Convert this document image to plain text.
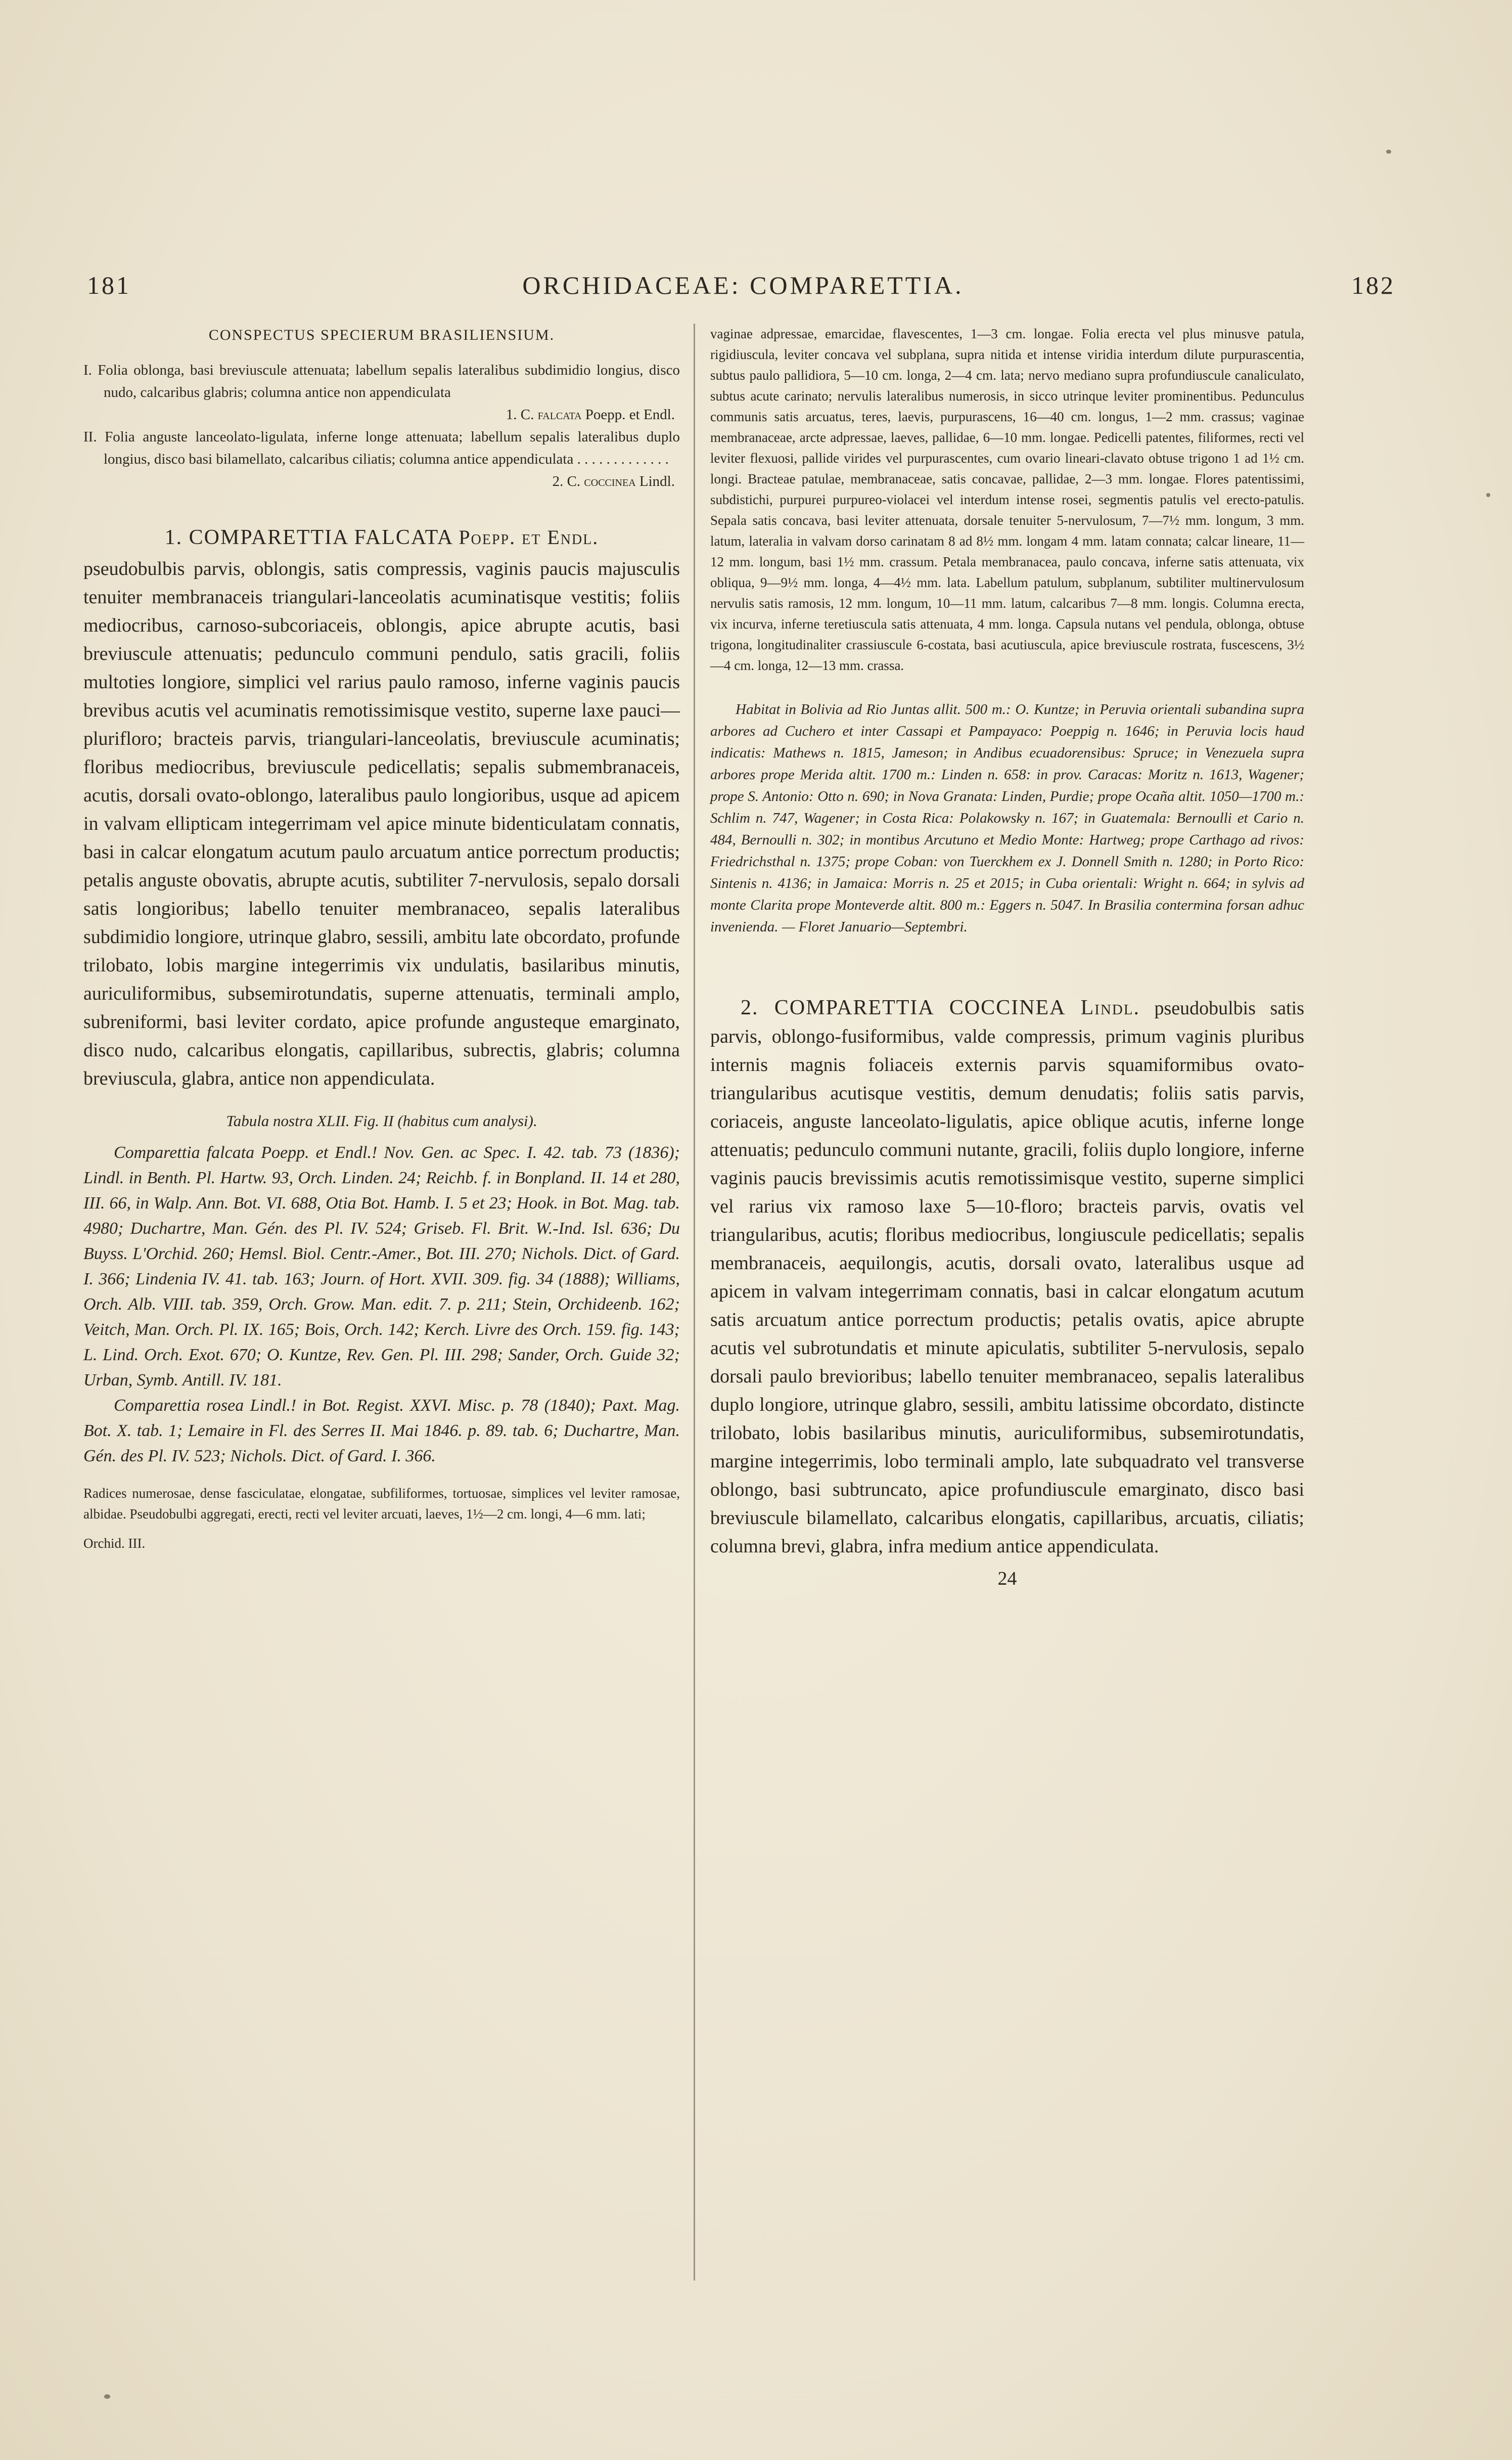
181	ORCHIDACEAE: COMPARETTIA.	182
CONSPECTUS SPECIERUM BRASILIENSIUM.

I. Folia oblonga, basi breviuscule attenuata; labellum sepalis lateralibus subdimidio longius, disco nudo, calcaribus glabris; columna antice non appendiculata

1. C. falcata Poepp. et Endl.

II. Folia anguste lanceolato-ligulata, inferne longe attenuata; labellum sepalis lateralibus duplo longius, disco basi bilamellato, calcaribus ciliatis; columna antice appendiculata . . . . . . . . . . . . .

2. C. coccinea Lindl.

1. COMPARETTIA FALCATA Poepp. et Endl.

pseudobulbis parvis, oblongis, satis compressis, vaginis paucis majusculis tenuiter membranaceis triangulari-lanceolatis acuminatisque vestitis; foliis mediocribus, carnoso-subcoriaceis, oblongis, apice abrupte acutis, basi breviuscule attenuatis; pedunculo communi pendulo, satis gracili, foliis multoties longiore, simplici vel rarius paulo ramoso, inferne vaginis paucis brevibus acutis vel acuminatis remotissimisque vestito, superne laxe pauci—plurifloro; bracteis parvis, triangulari-lanceolatis, breviuscule acuminatis; floribus mediocribus, breviuscule pedicellatis; sepalis submembranaceis, acutis, dorsali ovato-oblongo, lateralibus paulo longioribus, usque ad apicem in valvam ellipticam integerrimam vel apice minute bidenticulatam connatis, basi in calcar elongatum acutum paulo arcuatum antice porrectum productis; petalis anguste obovatis, abrupte acutis, subtiliter 7-nervulosis, sepalo dorsali satis longioribus; labello tenuiter membranaceo, sepalis lateralibus subdimidio longiore, utrinque glabro, sessili, ambitu late obcordato, profunde trilobato, lobis margine integerrimis vix undulatis, basilaribus minutis, auriculiformibus, subsemirotundatis, superne attenuatis, terminali amplo, subreniformi, basi leviter cordato, apice profunde angusteque emarginato, disco nudo, calcaribus elongatis, capillaribus, subrectis, glabris; columna breviuscula, glabra, antice non appendiculata.

Tabula nostra XLII. Fig. II (habitus cum analysi).

Comparettia falcata Poepp. et Endl.! Nov. Gen. ac Spec. I. 42. tab. 73 (1836); Lindl. in Benth. Pl. Hartw. 93, Orch. Linden. 24; Reichb. f. in Bonpland. II. 14 et 280, III. 66, in Walp. Ann. Bot. VI. 688, Otia Bot. Hamb. I. 5 et 23; Hook. in Bot. Mag. tab. 4980; Duchartre, Man. Gén. des Pl. IV. 524; Griseb. Fl. Brit. W.-Ind. Isl. 636; Du Buyss. L'Orchid. 260; Hemsl. Biol. Centr.-Amer., Bot. III. 270; Nichols. Dict. of Gard. I. 366; Lindenia IV. 41. tab. 163; Journ. of Hort. XVII. 309. fig. 34 (1888); Williams, Orch. Alb. VIII. tab. 359, Orch. Grow. Man. edit. 7. p. 211; Stein, Orchideenb. 162; Veitch, Man. Orch. Pl. IX. 165; Bois, Orch. 142; Kerch. Livre des Orch. 159. fig. 143; L. Lind. Orch. Exot. 670; O. Kuntze, Rev. Gen. Pl. III. 298; Sander, Orch. Guide 32; Urban, Symb. Antill. IV. 181.

Comparettia rosea Lindl.! in Bot. Regist. XXVI. Misc. p. 78 (1840); Paxt. Mag. Bot. X. tab. 1; Lemaire in Fl. des Serres II. Mai 1846. p. 89. tab. 6; Duchartre, Man. Gén. des Pl. IV. 523; Nichols. Dict. of Gard. I. 366.

Radices numerosae, dense fasciculatae, elongatae, subfiliformes, tortuosae, simplices vel leviter ramosae, albidae. Pseudobulbi aggregati, erecti, recti vel leviter arcuati, laeves, 1½—2 cm. longi, 4—6 mm. lati;

Orchid. III.

vaginae adpressae, emarcidae, flavescentes, 1—3 cm. longae. Folia erecta vel plus minusve patula, rigidiuscula, leviter concava vel subplana, supra nitida et intense viridia interdum dilute purpurascentia, subtus paulo pallidiora, 5—10 cm. longa, 2—4 cm. lata; nervo mediano supra profundiuscule canaliculato, subtus acute carinato; nervulis lateralibus numerosis, in sicco utrinque leviter prominentibus. Pedunculus communis satis arcuatus, teres, laevis, purpurascens, 16—40 cm. longus, 1—2 mm. crassus; vaginae membranaceae, arcte adpressae, laeves, pallidae, 6—10 mm. longae. Pedicelli patentes, filiformes, recti vel leviter flexuosi, pallide virides vel purpurascentes, cum ovario lineari-clavato obtuse trigono 1 ad 1½ cm. longi. Bracteae patulae, membranaceae, satis concavae, pallidae, 2—3 mm. longae. Flores patentissimi, subdistichi, purpurei purpureo-violacei vel interdum intense rosei, segmentis patulis vel erecto-patulis. Sepala satis concava, basi leviter attenuata, dorsale tenuiter 5-nervulosum, 7—7½ mm. longum, 3 mm. latum, lateralia in valvam dorso carinatam 8 ad 8½ mm. longam 4 mm. latam connata; calcar lineare, 11—12 mm. longum, basi 1½ mm. crassum. Petala membranacea, paulo concava, inferne satis attenuata, vix obliqua, 9—9½ mm. longa, 4—4½ mm. lata. Labellum patulum, subplanum, subtiliter multinervulosum nervulis satis ramosis, 12 mm. longum, 10—11 mm. latum, calcaribus 7—8 mm. longis. Columna erecta, vix incurva, inferne teretiuscula satis attenuata, 4 mm. longa. Capsula nutans vel pendula, oblonga, obtuse trigona, longitudinaliter crassiuscule 6-costata, basi acutiuscula, apice breviuscule rostrata, fuscescens, 3½—4 cm. longa, 12—13 mm. crassa.

Habitat in Bolivia ad Rio Juntas allit. 500 m.: O. Kuntze; in Peruvia orientali subandina supra arbores ad Cuchero et inter Cassapi et Pampayaco: Poeppig n. 1646; in Peruvia locis haud indicatis: Mathews n. 1815, Jameson; in Andibus ecuadorensibus: Spruce; in Venezuela supra arbores prope Merida altit. 1700 m.: Linden n. 658: in prov. Caracas: Moritz n. 1613, Wagener; prope S. Antonio: Otto n. 690; in Nova Granata: Linden, Purdie; prope Ocaña altit. 1050—1700 m.: Schlim n. 747, Wagener; in Costa Rica: Polakowsky n. 167; in Guatemala: Bernoulli et Cario n. 484, Bernoulli n. 302; in montibus Arcutuno et Medio Monte: Hartweg; prope Carthago ad rivos: Friedrichsthal n. 1375; prope Coban: von Tuerckhem ex J. Donnell Smith n. 1280; in Porto Rico: Sintenis n. 4136; in Jamaica: Morris n. 25 et 2015; in Cuba orientali: Wright n. 664; in sylvis ad monte Clarita prope Monteverde altit. 800 m.: Eggers n. 5047. In Brasilia contermina forsan adhuc invenienda. — Floret Januario—Septembri.

2. COMPARETTIA COCCINEA Lindl. pseudobulbis satis parvis, oblongo-fusiformibus, valde compressis, primum vaginis pluribus internis magnis foliaceis externis parvis squamiformibus ovato-triangularibus acutisque vestitis, demum denudatis; foliis satis parvis, coriaceis, anguste lanceolato-ligulatis, apice oblique acutis, inferne longe attenuatis; pedunculo communi nutante, gracili, foliis duplo longiore, inferne vaginis paucis brevissimis acutis remotissimisque vestito, superne simplici vel rarius vix ramoso laxe 5—10-floro; bracteis parvis, ovatis vel triangularibus, acutis; floribus mediocribus, longiuscule pedicellatis; sepalis membranaceis, aequilongis, acutis, dorsali ovato, lateralibus usque ad apicem in valvam integerrimam connatis, basi in calcar elongatum acutum satis arcuatum antice porrectum productis; petalis ovatis, apice abrupte acutis vel subrotundatis et minute apiculatis, subtiliter 5-nervulosis, sepalo dorsali paulo brevioribus; labello tenuiter membranaceo, sepalis lateralibus duplo longiore, utrinque glabro, sessili, ambitu latissime obcordato, distincte trilobato, lobis basilaribus minutis, auriculiformibus, subsemirotundatis, margine integerrimis, lobo terminali amplo, late subquadrato vel transverse oblongo, basi subtruncato, apice profundiuscule emarginato, disco basi breviuscule bilamellato, calcaribus elongatis, capillaribus, arcuatis, ciliatis; columna brevi, glabra, infra medium antice appendiculata.

24
